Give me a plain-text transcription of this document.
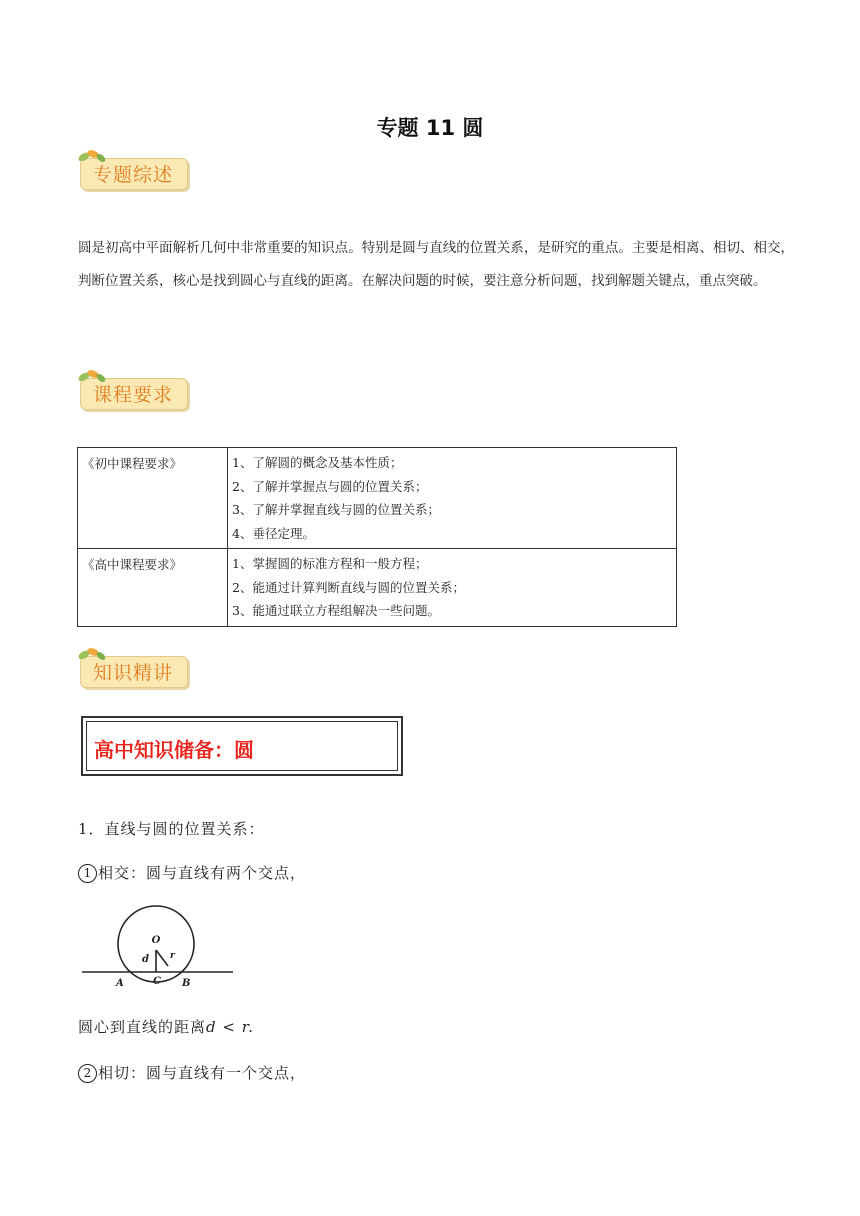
专题 11 圆
专题综述
圆是初高中平面解析几何中非常重要的知识点。特别是圆与直线的位置关系，是研究的重点。主要是相离、相切、相交，判断位置关系，核心是找到圆心与直线的距离。在解决问题的时候，要注意分析问题，找到解题关键点，重点突破。
课程要求
《初中课程要求》	1、了解圆的概念及基本性质；
2、了解并掌握点与圆的位置关系；
3、了解并掌握直线与圆的位置关系；
4、垂径定理。

《高中课程要求》	1、掌握圆的标准方程和一般方程；
2、能通过计算判断直线与圆的位置关系；
3、能通过联立方程组解决一些问题。
知识精讲
高中知识储备：圆
1．直线与圆的位置关系：
1 相交：圆与直线有两个交点，
O
r
d
A	C B
圆心到直线的距离d < r.
2 相切：圆与直线有一个交点，
